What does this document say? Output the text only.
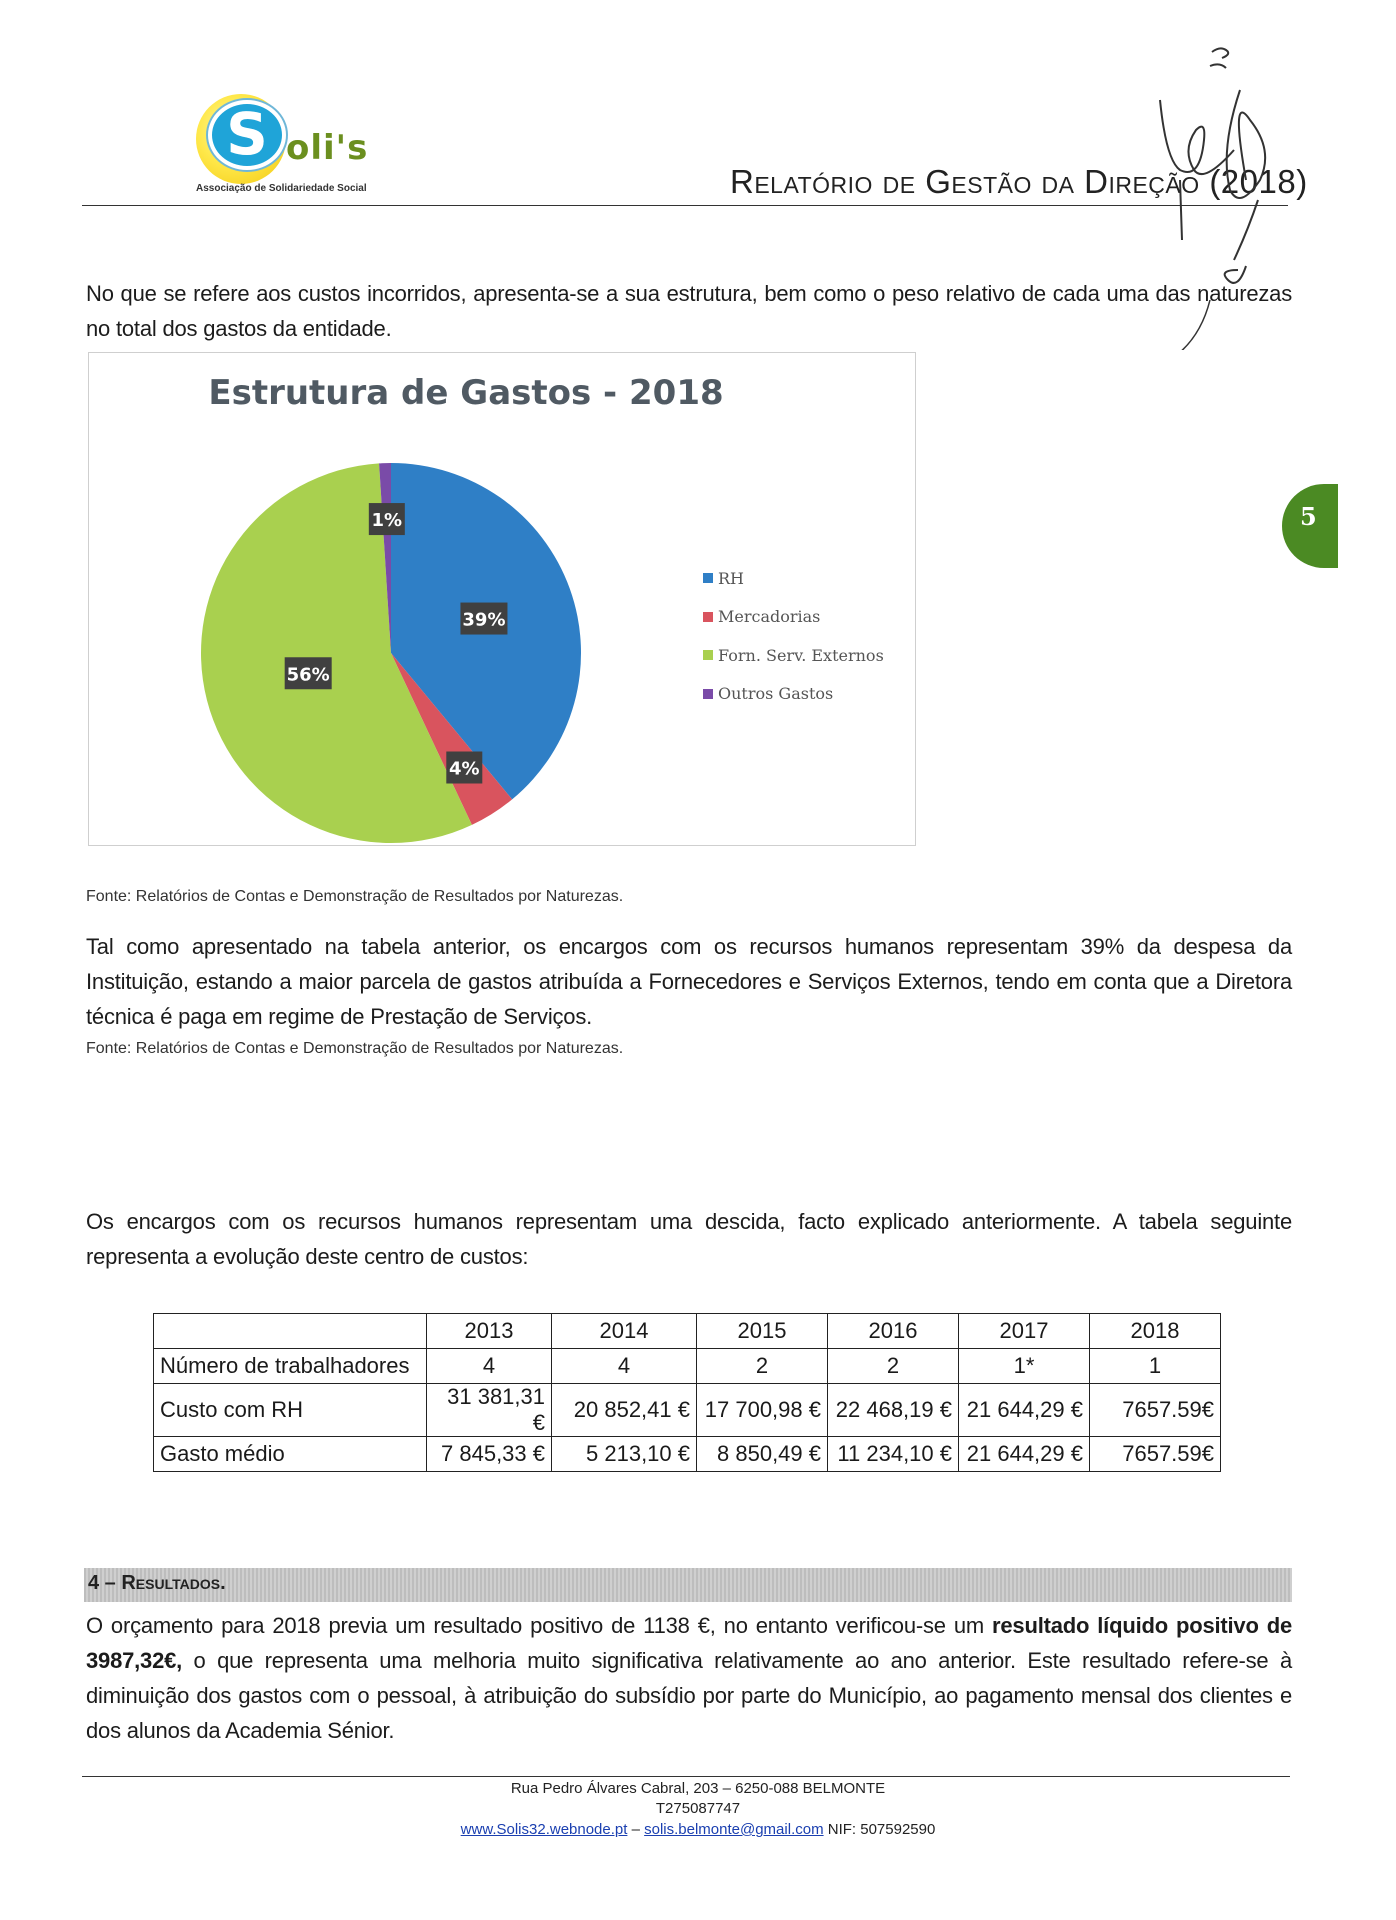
S oli's
Associação de Solidariedade Social	Relatório de Gestão da Direção (2018)
5
No que se refere aos custos incorridos, apresenta-se a sua estrutura, bem como o peso relativo de cada uma das naturezas no total dos gastos da entidade.
Estrutura de Gastos - 2018
39%
4%
56%
1%
RH
Mercadorias
Forn. Serv. Externos
Outros Gastos
Fonte: Relatórios de Contas e Demonstração de Resultados por Naturezas.
Tal como apresentado na tabela anterior, os encargos com os recursos humanos representam 39% da despesa da Instituição, estando a maior parcela de gastos atribuída a Fornecedores e Serviços Externos, tendo em conta que a Diretora técnica é paga em regime de Prestação de Serviços.
Fonte: Relatórios de Contas e Demonstração de Resultados por Naturezas.
Os encargos com os recursos humanos representam uma descida, facto explicado anteriormente. A tabela seguinte representa a evolução deste centro de custos:
	2013	2014	2015	2016	2017	2018
Número de trabalhadores	4	4	2	2	1*	1
Custo com RH	31 381,31 €	20 852,41 €	17 700,98 €	22 468,19 €	21 644,29 €	7657.59€
Gasto médio	7 845,33 €	5 213,10 €	8 850,49 €	11 234,10 €	21 644,29 €	7657.59€
4 – Resultados.
O orçamento para 2018 previa um resultado positivo de 1138 €, no entanto verificou-se um resultado líquido positivo de 3987,32€, o que representa uma melhoria muito significativa relativamente ao ano anterior. Este resultado refere-se à diminuição dos gastos com o pessoal, à atribuição do subsídio por parte do Município, ao pagamento mensal dos clientes e dos alunos da Academia Sénior.
Rua Pedro Álvares Cabral, 203 – 6250-088 BELMONTE
T275087747
www.Solis32.webnode.pt – solis.belmonte@gmail.com NIF: 507592590
